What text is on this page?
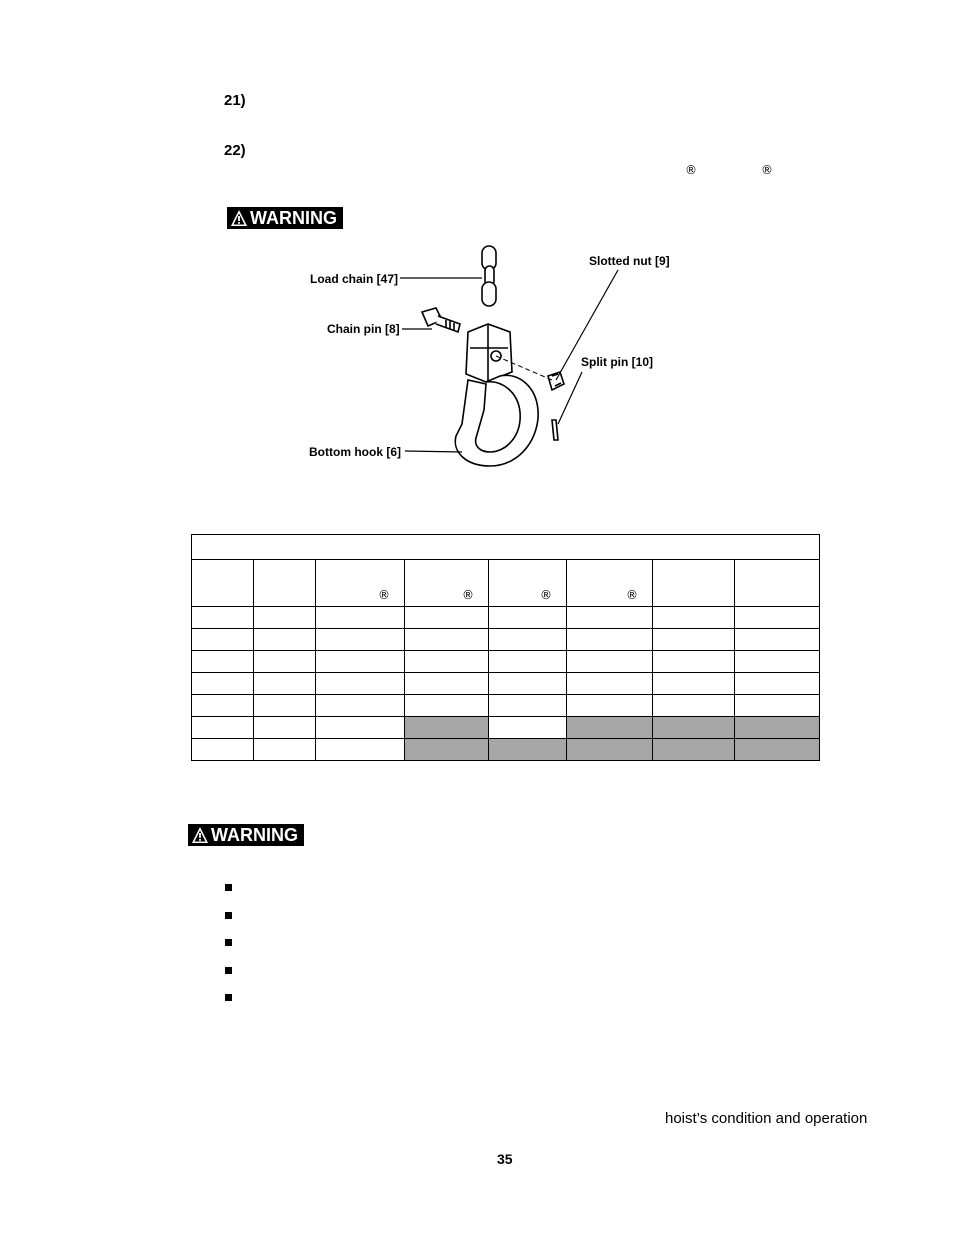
21)
22)
®	®
WARNING
Load chain [47]
Chain pin [8]
Bottom hook [6]
Slotted nut [9]
Split pin [10]

		®	®	®	®		

WARNING
hoist’s condition and operation
35
